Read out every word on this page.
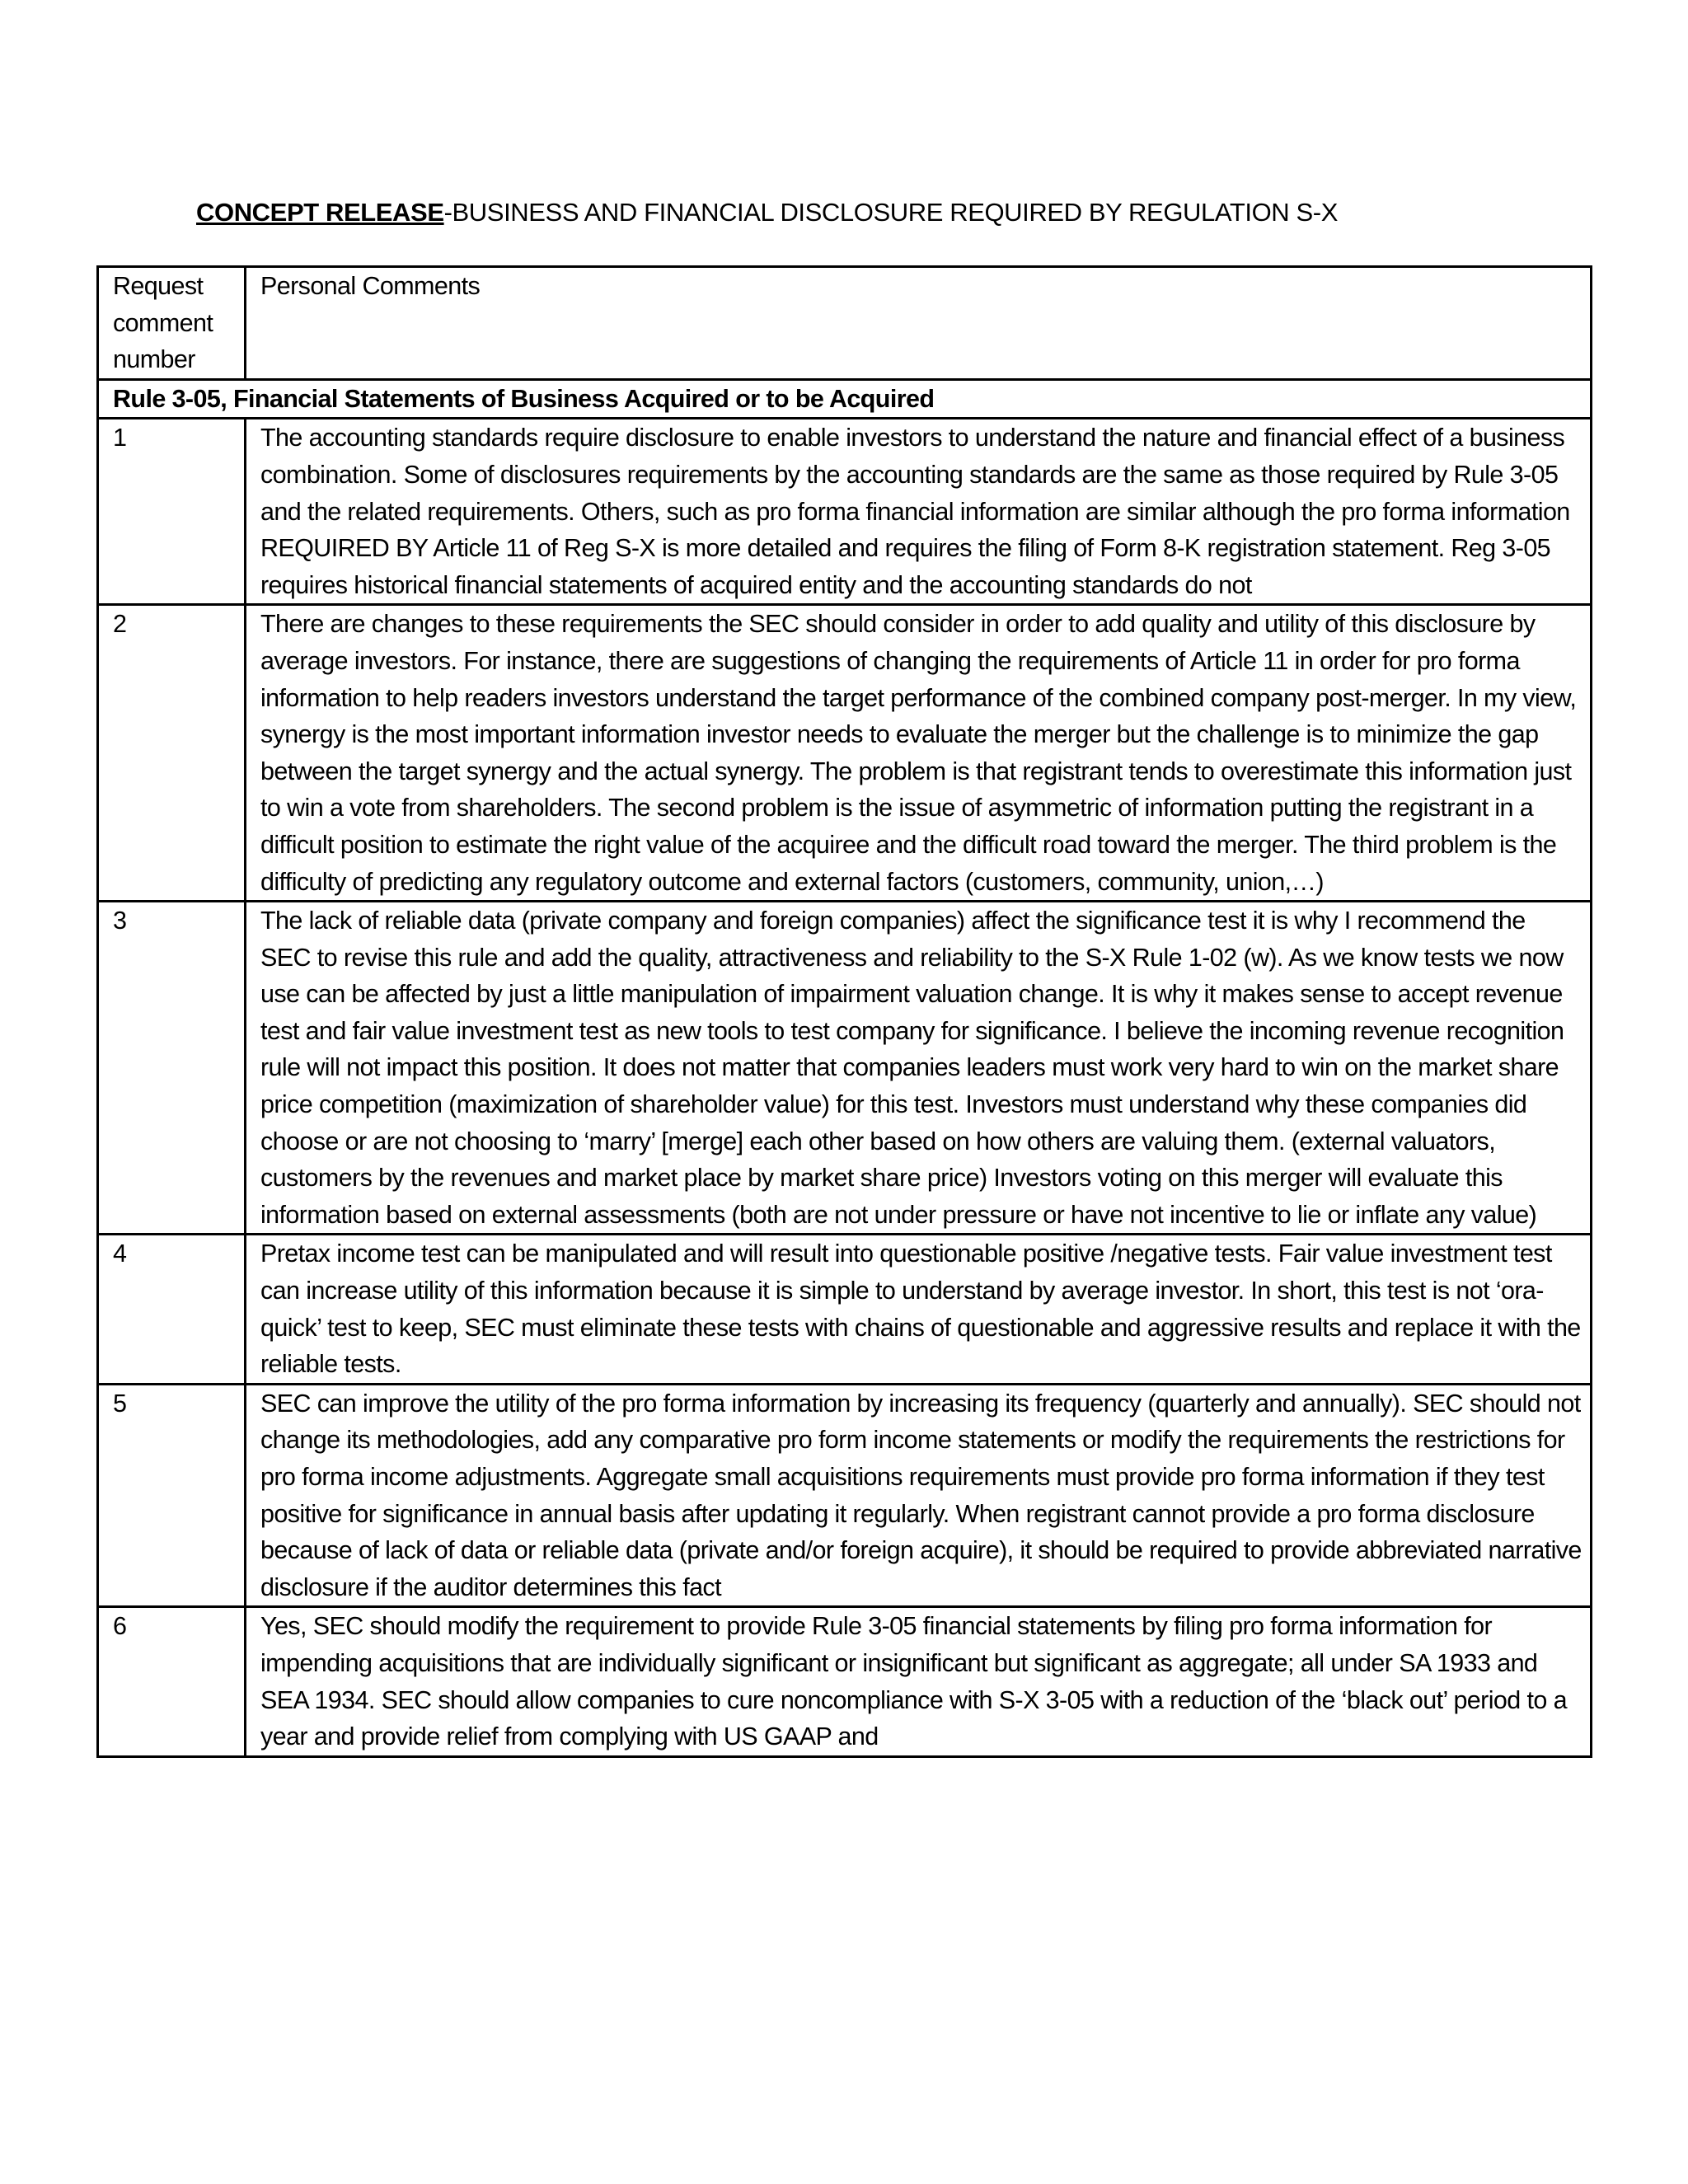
CONCEPT RELEASE-BUSINESS AND FINANCIAL DISCLOSURE REQUIRED BY REGULATION S-X
Request comment number	Personal Comments
Rule 3-05, Financial Statements of Business Acquired or to be Acquired	
1	The accounting standards require disclosure to enable investors to understand the nature and financial effect of a business combination. Some of disclosures requirements by the accounting standards are the same as those required by Rule 3-05 and the related requirements. Others, such as pro forma financial information are similar although the pro forma information REQUIRED BY Article 11 of Reg S-X is more detailed and requires the filing of Form 8-K registration statement. Reg 3-05 requires historical financial statements of acquired entity and the accounting standards do not
2	There are changes to these requirements the SEC should consider in order to add quality and utility of this disclosure by average investors. For instance, there are suggestions of changing the requirements of Article 11 in order for pro forma information to help readers investors understand the target performance of the combined company post-merger. In my view, synergy is the most important information investor needs to evaluate the merger but the challenge is to minimize the gap between the target synergy and the actual synergy. The problem is that registrant tends to overestimate this information just to win a vote from shareholders. The second problem is the issue of asymmetric of information putting the registrant in a difficult position to estimate the right value of the acquiree and the difficult road toward the merger. The third problem is the difficulty of predicting any regulatory outcome and external factors (customers, community, union,…)
3	The lack of reliable data (private company and foreign companies) affect the significance test it is why I recommend the SEC to revise this rule and add the quality, attractiveness and reliability to the S-X Rule 1-02 (w). As we know tests we now use can be affected by just a little manipulation of impairment valuation change. It is why it makes sense to accept revenue test and fair value investment test as new tools to test company for significance. I believe the incoming revenue recognition rule will not impact this position. It does not matter that companies leaders must work very hard to win on the market share price competition (maximization of shareholder value) for this test. Investors must understand why these companies did choose or are not choosing to ‘marry’ [merge] each other based on how others are valuing them. (external valuators, customers by the revenues and market place by market share price) Investors voting on this merger will evaluate this information based on external assessments (both are not under pressure or have not incentive to lie or inflate any value)
4	Pretax income test can be manipulated and will result into questionable positive /negative tests. Fair value investment test can increase utility of this information because it is simple to understand by average investor. In short, this test is not ‘ora-quick’ test to keep, SEC must eliminate these tests with chains of questionable and aggressive results and replace it with the reliable tests.
5	SEC can improve the utility of the pro forma information by increasing its frequency (quarterly and annually). SEC should not change its methodologies, add any comparative pro form income statements or modify the requirements the restrictions for pro forma income adjustments. Aggregate small acquisitions requirements must provide pro forma information if they test positive for significance in annual basis after updating it regularly. When registrant cannot provide a pro forma disclosure because of lack of data or reliable data (private and/or foreign acquire), it should be required to provide abbreviated narrative disclosure if the auditor determines this fact
6	Yes, SEC should modify the requirement to provide Rule 3-05 financial statements by filing pro forma information for impending acquisitions that are individually significant or insignificant but significant as aggregate; all under SA 1933 and SEA 1934. SEC should allow companies to cure noncompliance with S-X 3-05 with a reduction of the ‘black out’ period to a year and provide relief from complying with US GAAP and
